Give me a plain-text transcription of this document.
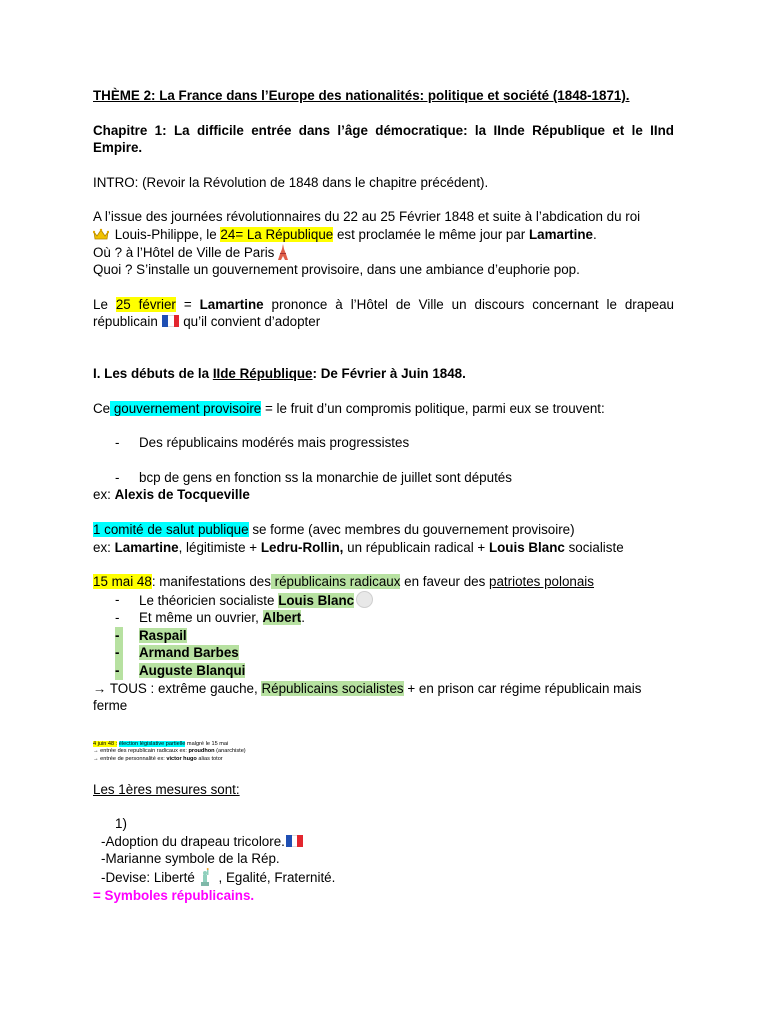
THÈME 2: La France dans l’Europe des nationalités: politique et société (1848-1871).

Chapitre 1: La difficile entrée dans l’âge démocratique: la IInde République et le IInd Empire.

INTRO: (Revoir la Révolution de 1848 dans le chapitre précédent).

A l’issue des journées révolutionnaires du 22 au 25 Février 1848 et suite à l’abdication du roi

Louis-Philippe, le 24= La République est proclamée le même jour par Lamartine.

Où ? à l’Hôtel de Ville de Paris

Quoi ? S’installe un gouvernement provisoire, dans une ambiance d’euphorie pop.

Le 25 février = Lamartine prononce à l’Hôtel de Ville un discours concernant le drapeau républicain  qu’il convient d’adopter

I. Les débuts de la IIde République: De Février à Juin 1848.

Ce gouvernement provisoire = le fruit d’un compromis politique, parmi eux se trouvent:

- Des républicains modérés mais progressistes

- bcp de gens en fonction ss la monarchie de juillet sont députés

ex: Alexis de Tocqueville

1 comité de salut publique se forme (avec membres du gouvernement provisoire)

ex: Lamartine, légitimiste + Ledru-Rollin, un républicain radical + Louis Blanc socialiste

15 mai 48: manifestations des républicains radicaux en faveur des patriotes polonais

- Le théoricien socialiste Louis Blanc

- Et même un ouvrier, Albert.

- Raspail

- Armand Barbes

- Auguste Blanqui

→ TOUS : extrême gauche, Républicains socialistes + en prison car régime républicain mais ferme

4 juin 48 : élection législative partielle malgré le 15 mai

→ entrée des republicain radicaux ex: proudhon (anarchiste)

→ entrée de personnalité ex: victor hugo alias totor

Les 1ères mesures sont:

1)

-Adoption du drapeau tricolore.

-Marianne symbole de la Rép.

-Devise: Liberté , Egalité, Fraternité.

= Symboles républicains.
